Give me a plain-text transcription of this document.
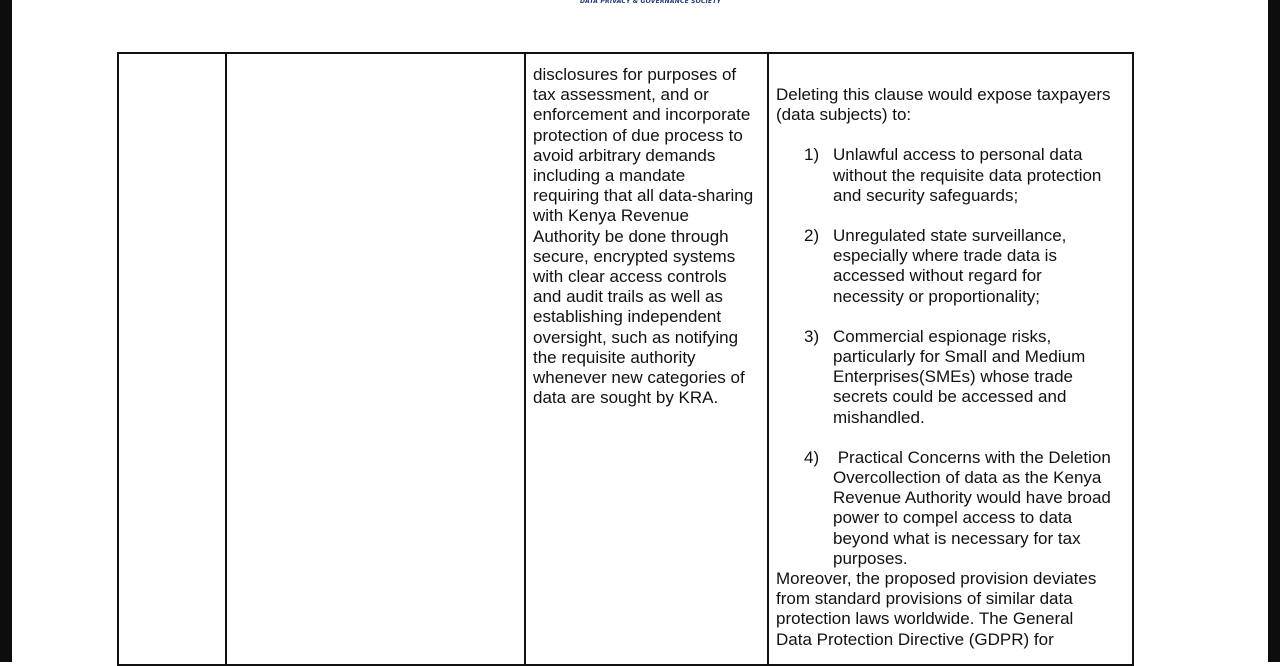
DATA PRIVACY & GOVERNANCE SOCIETY

disclosures for purposes of
tax assessment, and or
enforcement and incorporate
protection of due process to
avoid arbitrary demands
including a mandate
requiring that all data-sharing
with Kenya Revenue
Authority be done through
secure, encrypted systems
with clear access controls
and audit trails as well as
establishing independent
oversight, such as notifying
the requisite authority
whenever new categories of
data are sought by KRA.

Deleting this clause would expose taxpayers
(data subjects) to:
1) Unlawful access to personal data
without the requisite data protection
and security safeguards;
2) Unregulated state surveillance,
especially where trade data is
accessed without regard for
necessity or proportionality;
3) Commercial espionage risks,
particularly for Small and Medium
Enterprises(SMEs) whose trade
secrets could be accessed and
mishandled.
4) Practical Concerns with the Deletion
Overcollection of data as the Kenya
Revenue Authority would have broad
power to compel access to data
beyond what is necessary for tax
purposes.
Moreover, the proposed provision deviates
from standard provisions of similar data
protection laws worldwide. The General
Data Protection Directive (GDPR) for
